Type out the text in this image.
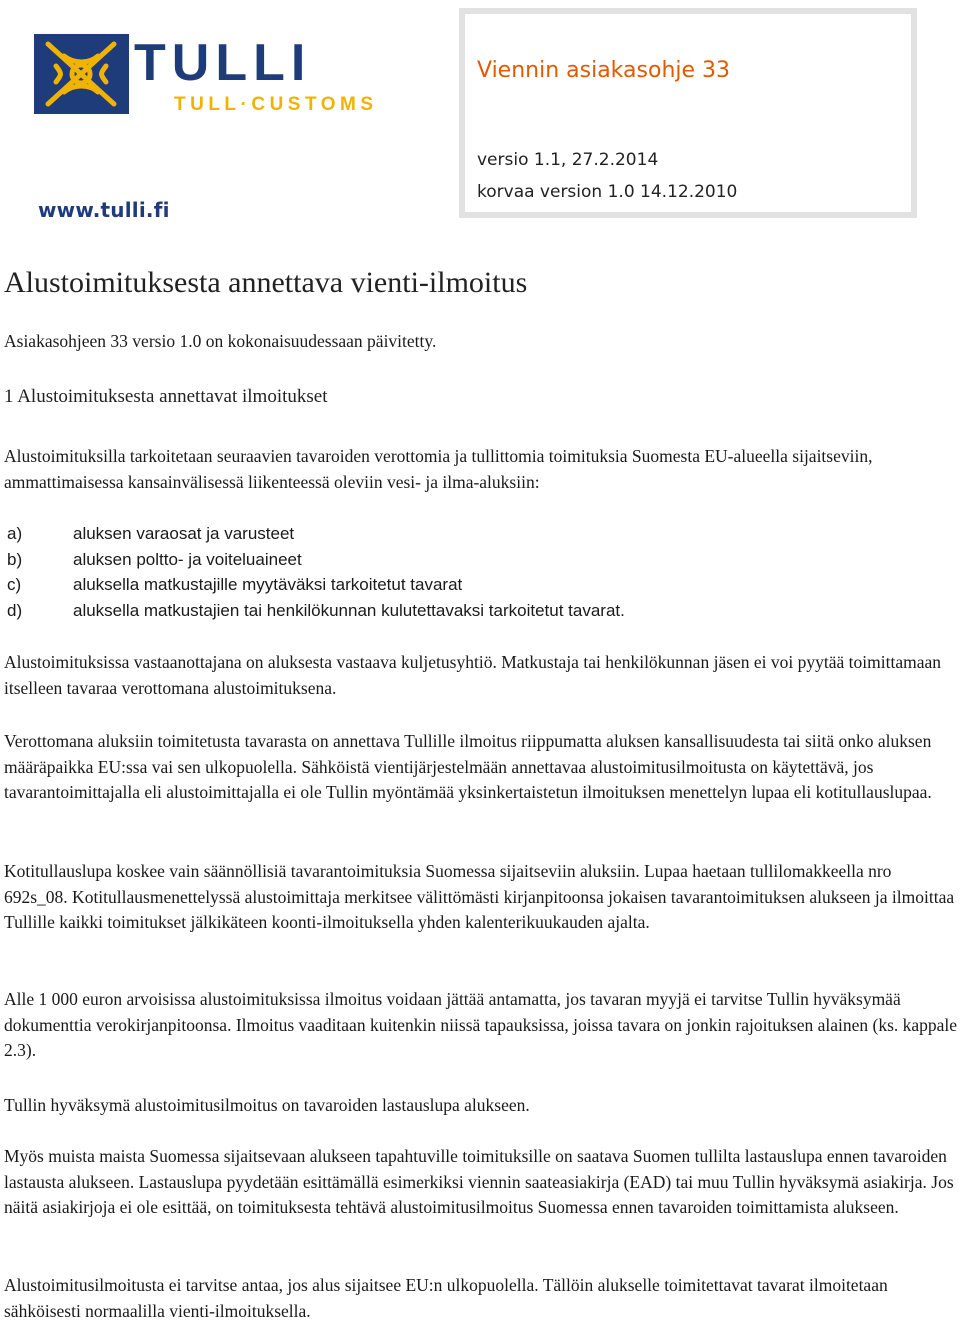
TULLI
TULL·CUSTOMS
www.tulli.fi
Viennin asiakasohje 33
versio 1.1, 27.2.2014
korvaa version 1.0 14.12.2010
Alustoimituksesta annettava vienti-ilmoitus

Asiakasohjeen 33 versio 1.0 on kokonaisuudessaan päivitetty.

1 Alustoimituksesta annettavat ilmoitukset

Alustoimituksilla tarkoitetaan seuraavien tavaroiden verottomia ja tullittomia toimituksia Suomesta EU-alueella sijaitseviin, ammattimaisessa kansainvälisessä liikenteessä oleviin vesi- ja ilma-aluksiin:

a)	aluksen varaosat ja varusteet
b)	aluksen poltto- ja voiteluaineet
c)	aluksella matkustajille myytäväksi tarkoitetut tavarat
d)	aluksella matkustajien tai henkilökunnan kulutettavaksi tarkoitetut tavarat.

Alustoimituksissa vastaanottajana on aluksesta vastaava kuljetusyhtiö. Matkustaja tai henkilökunnan jäsen ei voi pyytää toimittamaan itselleen tavaraa verottomana alustoimituksena.

Verottomana aluksiin toimitetusta tavarasta on annettava Tullille ilmoitus riippumatta aluksen kansallisuudesta tai siitä onko aluksen määräpaikka EU:ssa vai sen ulkopuolella. Sähköistä vientijärjestelmään annettavaa alustoimitusilmoitusta on käytettävä, jos tavarantoimittajalla eli alustoimittajalla ei ole Tullin myöntämää yksinkertaistetun ilmoituksen menettelyn lupaa eli kotitullauslupaa.

Kotitullauslupa koskee vain säännöllisiä tavarantoimituksia Suomessa sijaitseviin aluksiin. Lupaa haetaan tullilomakkeella nro 692s_08. Kotitullausmenettelyssä alustoimittaja merkitsee välittömästi kirjanpitoonsa jokaisen tavarantoimituksen alukseen ja ilmoittaa Tullille kaikki toimitukset jälkikäteen koonti-ilmoituksella yhden kalenterikuukauden ajalta.

Alle 1 000 euron arvoisissa alustoimituksissa ilmoitus voidaan jättää antamatta, jos tavaran myyjä ei tarvitse Tullin hyväksymää dokumenttia verokirjanpitoonsa. Ilmoitus vaaditaan kuitenkin niissä tapauksissa, joissa tavara on jonkin rajoituksen alainen (ks. kappale 2.3).

Tullin hyväksymä alustoimitusilmoitus on tavaroiden lastauslupa alukseen.

Myös muista maista Suomessa sijaitsevaan alukseen tapahtuville toimituksille on saatava Suomen tullilta lastauslupa ennen tavaroiden lastausta alukseen. Lastauslupa pyydetään esittämällä esimerkiksi viennin saateasiakirja (EAD) tai muu Tullin hyväksymä asiakirja. Jos näitä asiakirjoja ei ole esittää, on toimituksesta tehtävä alustoimitusilmoitus Suomessa ennen tavaroiden toimittamista alukseen.

Alustoimitusilmoitusta ei tarvitse antaa, jos alus sijaitsee EU:n ulkopuolella. Tällöin alukselle toimitettavat tavarat ilmoitetaan sähköisesti normaalilla vienti-ilmoituksella.
